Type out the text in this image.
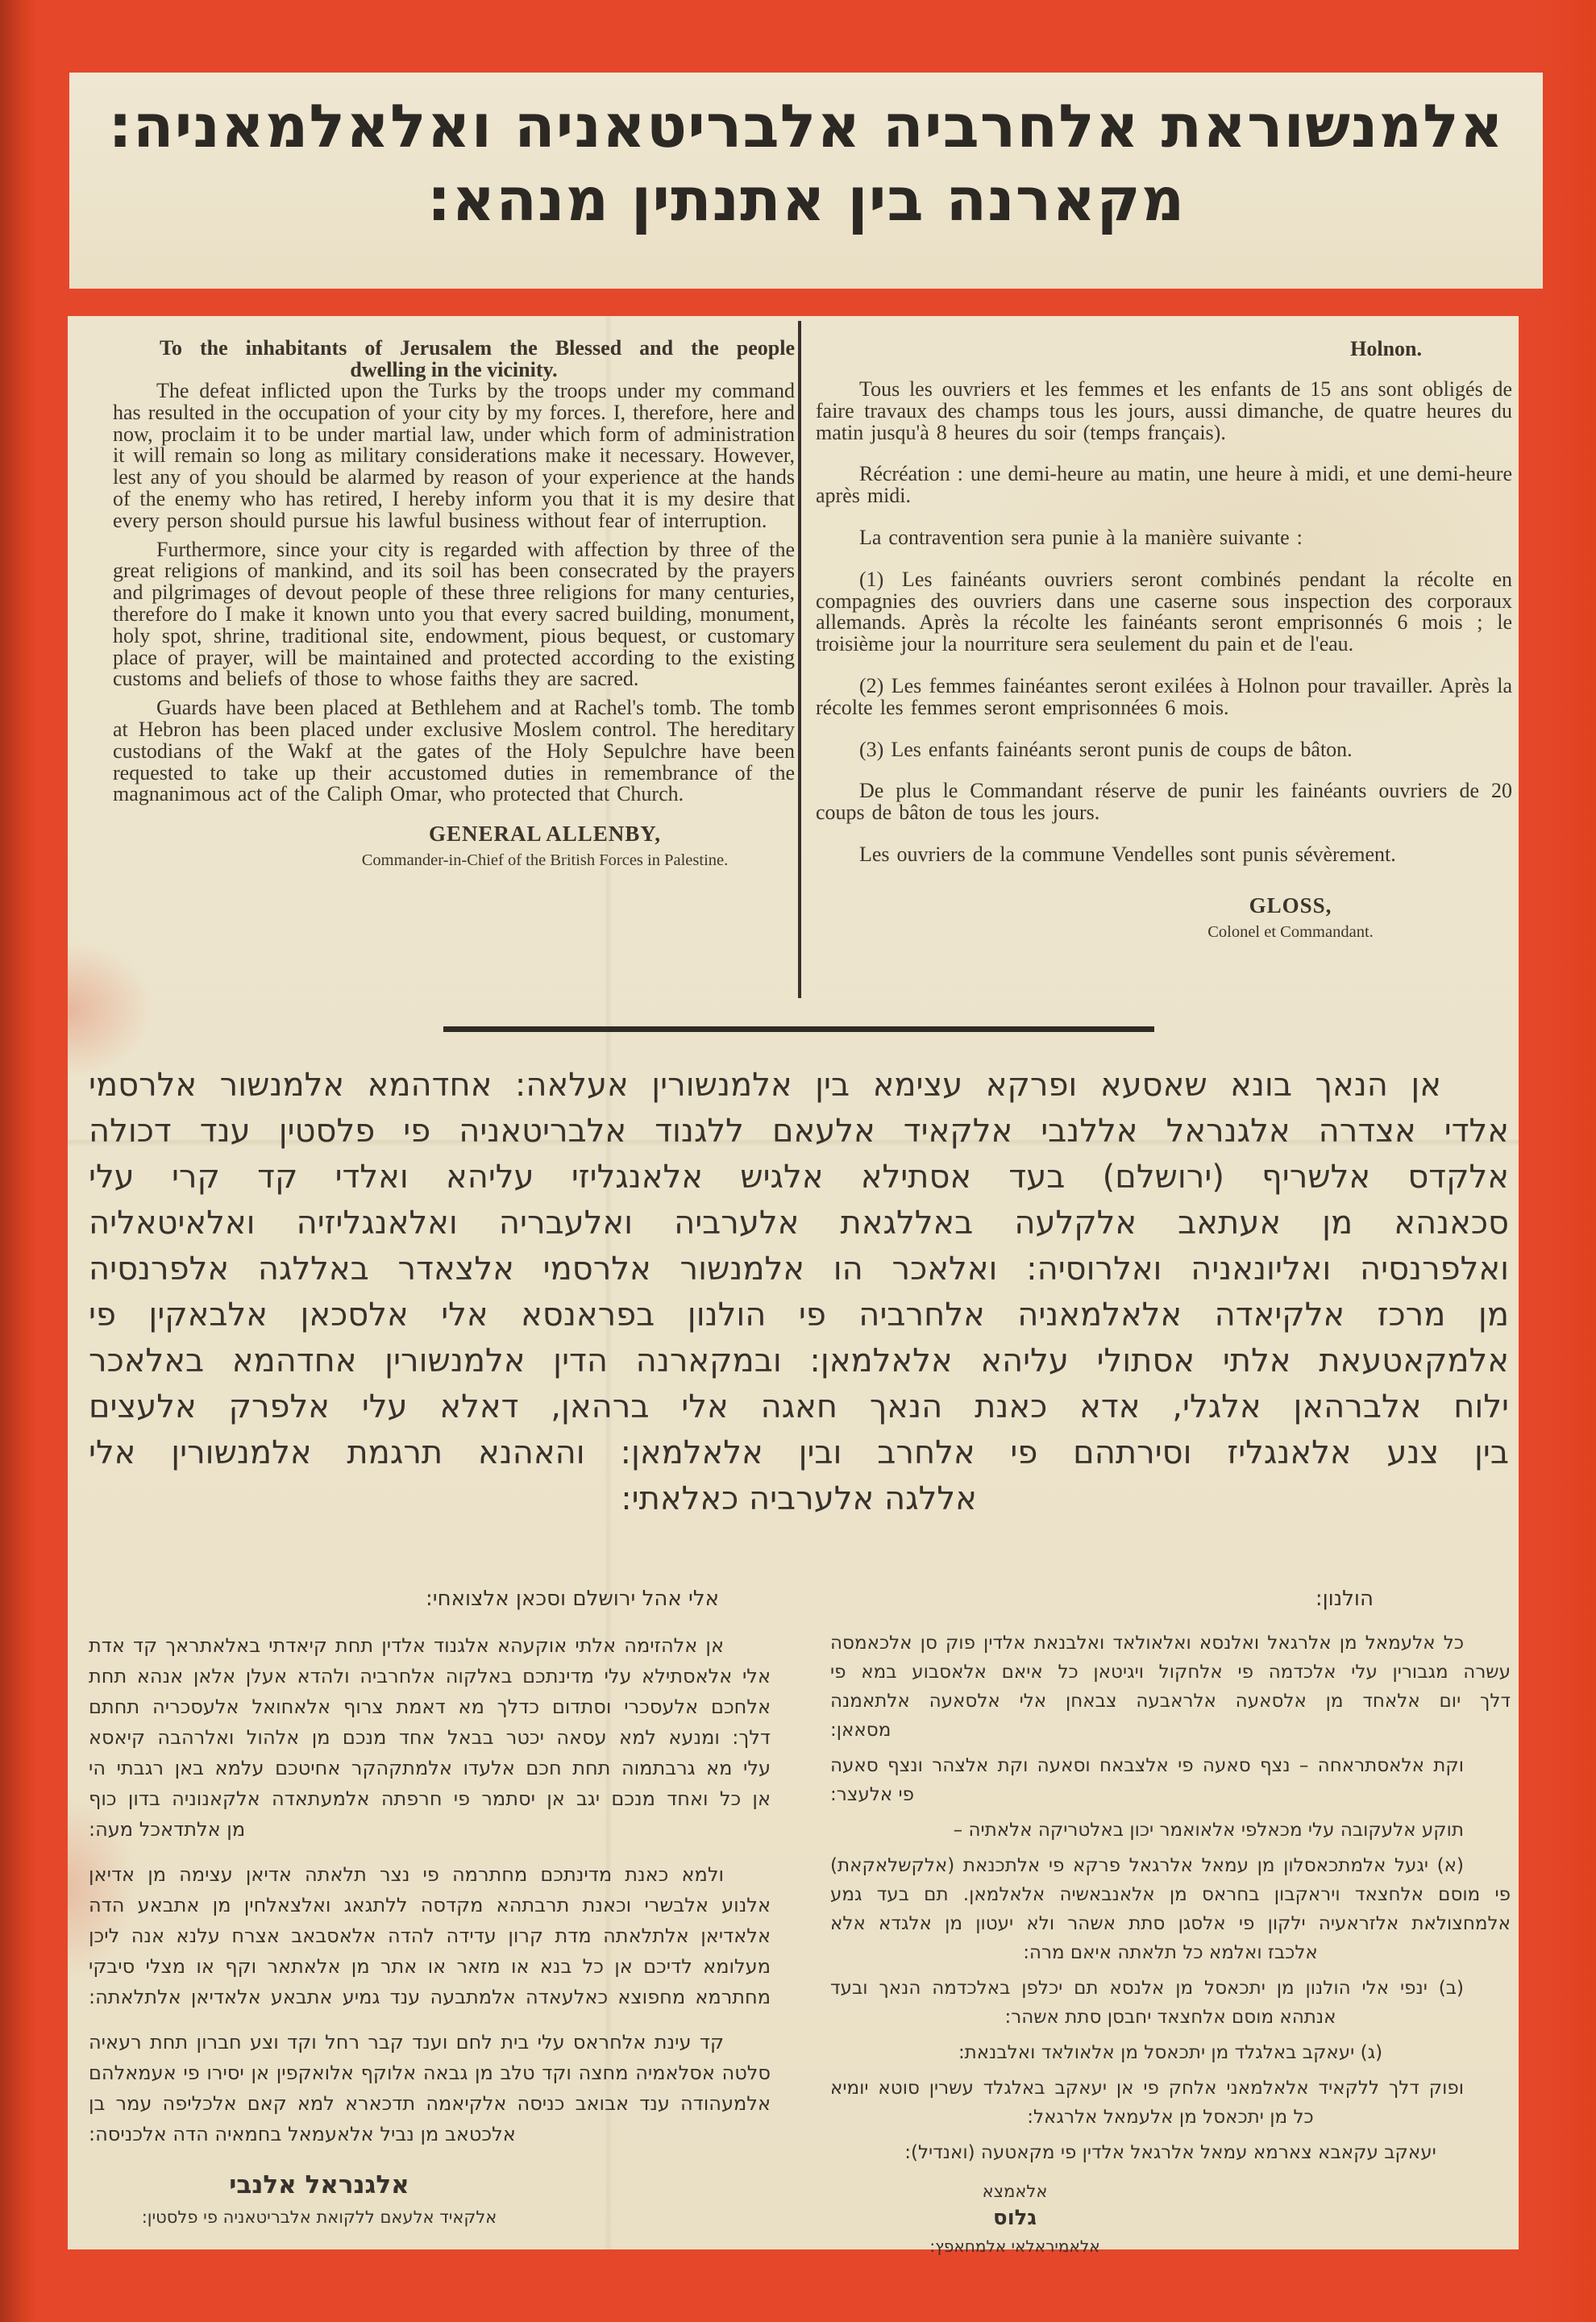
אלמנשוראת אלחרביה אלבריטאניה ואלאלמאניה:
מקארנה בין אתנתין מנהא:
To the inhabitants of Jerusalem the Blessed and the people
dwelling in the vicinity.
The defeat inflicted upon the Turks by the troops under my command has resulted in the occupation of your city by my forces. I, therefore, here and now, proclaim it to be under martial law, under which form of administration it will remain so long as military considerations make it necessary. However, lest any of you should be alarmed by reason of your experience at the hands of the enemy who has retired, I hereby inform you that it is my desire that every person should pursue his lawful business without fear of interruption.
Furthermore, since your city is regarded with affection by three of the great religions of mankind, and its soil has been consecrated by the prayers and pilgrimages of devout people of these three religions for many centuries, therefore do I make it known unto you that every sacred building, monument, holy spot, shrine, traditional site, endowment, pious bequest, or customary place of prayer, will be maintained and protected according to the existing customs and beliefs of those to whose faiths they are sacred.
Guards have been placed at Bethlehem and at Rachel's tomb. The tomb at Hebron has been placed under exclusive Moslem control. The hereditary custodians of the Wakf at the gates of the Holy Sepulchre have been requested to take up their accustomed duties in remembrance of the magnanimous act of the Caliph Omar, who protected that Church.
GENERAL ALLENBY,
Commander-in-Chief of the British Forces in Palestine.
Holnon.
Tous les ouvriers et les femmes et les enfants de 15 ans sont obligés de faire travaux des champs tous les jours, aussi dimanche, de quatre heures du matin jusqu'à 8 heures du soir (temps français).
Récréation : une demi-heure au matin, une heure à midi, et une demi-heure après midi.
La contravention sera punie à la manière suivante :
(1) Les fainéants ouvriers seront combinés pendant la récolte en compagnies des ouvriers dans une caserne sous inspection des corporaux allemands. Après la récolte les fainéants seront emprisonnés 6 mois ; le troisième jour la nourriture sera seulement du pain et de l'eau.
(2) Les femmes fainéantes seront exilées à Holnon pour travailler. Après la récolte les femmes seront emprisonnées 6 mois.
(3) Les enfants fainéants seront punis de coups de bâton.
De plus le Commandant réserve de punir les fainéants ouvriers de 20 coups de bâton de tous les jours.
Les ouvriers de la commune Vendelles sont punis sévèrement.
GLOSS,
Colonel et Commandant.
אן הנאך בונא שאסעא ופרקא עצימא בין אלמנשורין אעלאה: אחדהמא אלמנשור אלרסמי
אלדי אצדרה אלגנראל אללנבי אלקאיד אלעאם ללגנוד אלבריטאניה פי פלסטין ענד דכולה
אלקדס אלשריף (ירושלם) בעד אסתילא אלגיש אלאנגליזי עליהא ואלדי קד קרי עלי
סכאנהא מן אעתאב אלקלעה באללגאת אלערביה ואלעבריה ואלאנגליזיה ואלאיטאליה
ואלפרנסיה ואליונאניה ואלרוסיה: ואלאכר הו אלמנשור אלרסמי אלצאדר באללגה אלפרנסיה
מן מרכז אלקיאדה אלאלמאניה אלחרביה פי הולנון בפראנסא אלי אלסכאן אלבאקין פי
אלמקאטעאת אלתי אסתולי עליהא אלאלמאן: ובמקארנה הדין אלמנשורין אחדהמא באלאכר
ילוח אלברהאן אלגלי, אדא כאנת הנאך חאגה אלי ברהאן, דאלא עלי אלפרק אלעצים
בין צנע אלאנגליז וסירתהם פי אלחרב ובין אלאלמאן: והאהנא תרגמת אלמנשורין אלי
אללגה אלערביה כאלאתי:
אלי אהל ירושלם וסכאן אלצואחי:
אן אלהזימה אלתי אוקעהא אלגנוד אלדין תחת קיאדתי באלאתראך קד אדת
אלי אלאסתילא עלי מדינתכם באלקוה אלחרביה ולהדא אעלן אלאן אנהא תחת
אלחכם אלעסכרי וסתדום כדלך מא דאמת צרוף אלאחואל אלעסכריה תחתם
דלך: ומנעא למא עסאה יכטר בבאל אחד מנכם מן אלהול ואלרהבה קיאסא
עלי מא גרבתמוה תחת חכם אלעדו אלמתקהקר אחיטכם עלמא באן רגבתי הי
אן כל ואחד מנכם יגב אן יסתמר פי חרפתה אלמעתאדה אלקאנוניה בדון כוף
מן אלתדאכל מעה:
ולמא כאנת מדינתכם מחתרמה פי נצר תלאתה אדיאן עצימה מן אדיאן
אלנוע אלבשרי וכאנת תרבתהא מקדסה ללתגאג ואלצאלחין מן אתבאע הדה
אלאדיאן אלתלאתה מדת קרון עדידה להדה אלאסבאב אצרח עלנא אנה ליכן
מעלומא לדיכם אן כל בנא או מזאר או אתר מן אלאתאר וקף או מצלי סיבקי
מחתרמא מחפוצא כאלעאדה אלמתבעה ענד גמיע אתבאע אלאדיאן אלתלאתה:
קד עינת אלחראס עלי בית לחם וענד קבר רחל וקד וצע חברון תחת רעאיה
סלטה אסלאמיה מחצה וקד טלב מן גבאה אלוקף אלואקפין אן יסירו פי אעמאלהם
אלמעהודה ענד אבואב כניסה אלקיאמה תדכארא למא קאם אלכליפה עמר בן
אלכטאב מן נביל אלאעמאל בחמאיה הדה אלכניסה:
אלגנראל אלנבי
אלקאיד אלעאם ללקואת אלבריטאניה פי פלסטין:
הולנון:
כל אלעמאל מן אלרגאל ואלנסא ואלאולאד ואלבנאת אלדין פוק סן אלכאמסה
עשרה מגבורין עלי אלכדמה פי אלחקול ויגיטאן כל איאם אלאסבוע במא פי
דלך יום אלאחד מן אלסאעה אלראבעה צבאחן אלי אלסאעה אלתאמנה
מסאאן:
וקת אלאסתראחה – נצף סאעה פי אלצבאח וסאעה וקת אלצהר ונצף סאעה
פי אלעצר:
תוקע אלעקובה עלי מכאלפי אלאואמר יכון באלטריקה אלאתיה –
(א) יגעל אלמתכאסלון מן עמאל אלרגאל פרקא פי אלתכנאת (אלקשלאקאת)
פי מוסם אלחצאד ויראקבון בחראס מן אלאנבאשיה אלאלמאן. תם בעד גמע
אלמחצולאת אלזראעיה ילקון פי אלסגן סתת אשהר ולא יעטון מן אלגדא אלא
אלכבז ואלמא כל תלאתה איאם מרה:
(ב) ינפי אלי הולנון מן יתכאסל מן אלנסא תם יכלפן באלכדמה הנאך ובעד
אנתהא מוסם אלחצאד יחבסן סתת אשהר:
(ג) יעאקב באלגלד מן יתכאסל מן אלאולאד ואלבנאת:
ופוק דלך ללקאיד אלאלמאני אלחק פי אן יעאקב באלגלד עשרין סוטא יומיא
כל מן יתכאסל מן אלעמאל אלרגאל:
יעאקב עקאבא צארמא עמאל אלרגאל אלדין פי מקאטעה (ואנדיל):
אלאמצא
גלוס
אלאמיראלאי אלמחאפץ:
